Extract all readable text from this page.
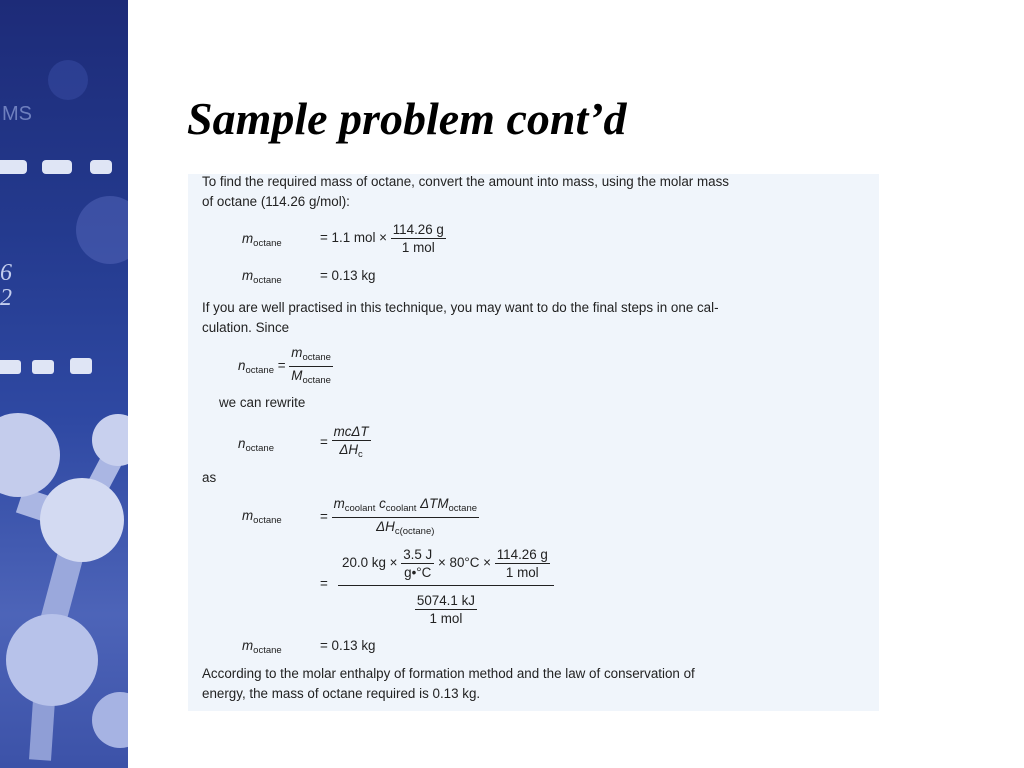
MS
6
2
Sample problem cont’d
To find the required mass of octane, convert the amount into mass, using the molar mass
of octane (114.26 g/mol):
$m_{octane}$	= 1.1 mol × $\frac{114.26 g}{\text{1 mol}}$
$m_{octane}$	= 0.13 kg
If you are well practised in this technique, you may want to do the final steps in one cal-
culation. Since
$n_{octane} = \frac{m_{octane}}{M_{octane}}$
we can rewrite
$n_{octane}$	= $\frac{\text{mcΔT}}{\Delta H_c}$
as
$m_{octane}$	= $\frac{m_{coolant} c_{coolant} \Delta TM_{octane}}{\Delta H_{c(octane)}}$
=
20.0 kg × $\frac{3.5 J}{g•^\circ C} \times 80^\circ C \times \frac{114.26 g}{\text{1 mol}}$
$\frac{5074.1 kJ}{\text{1 mol}}$
$m_{octane}$	= 0.13 kg
According to the molar enthalpy of formation method and the law of conservation of
energy, the mass of octane required is 0.13 kg.
